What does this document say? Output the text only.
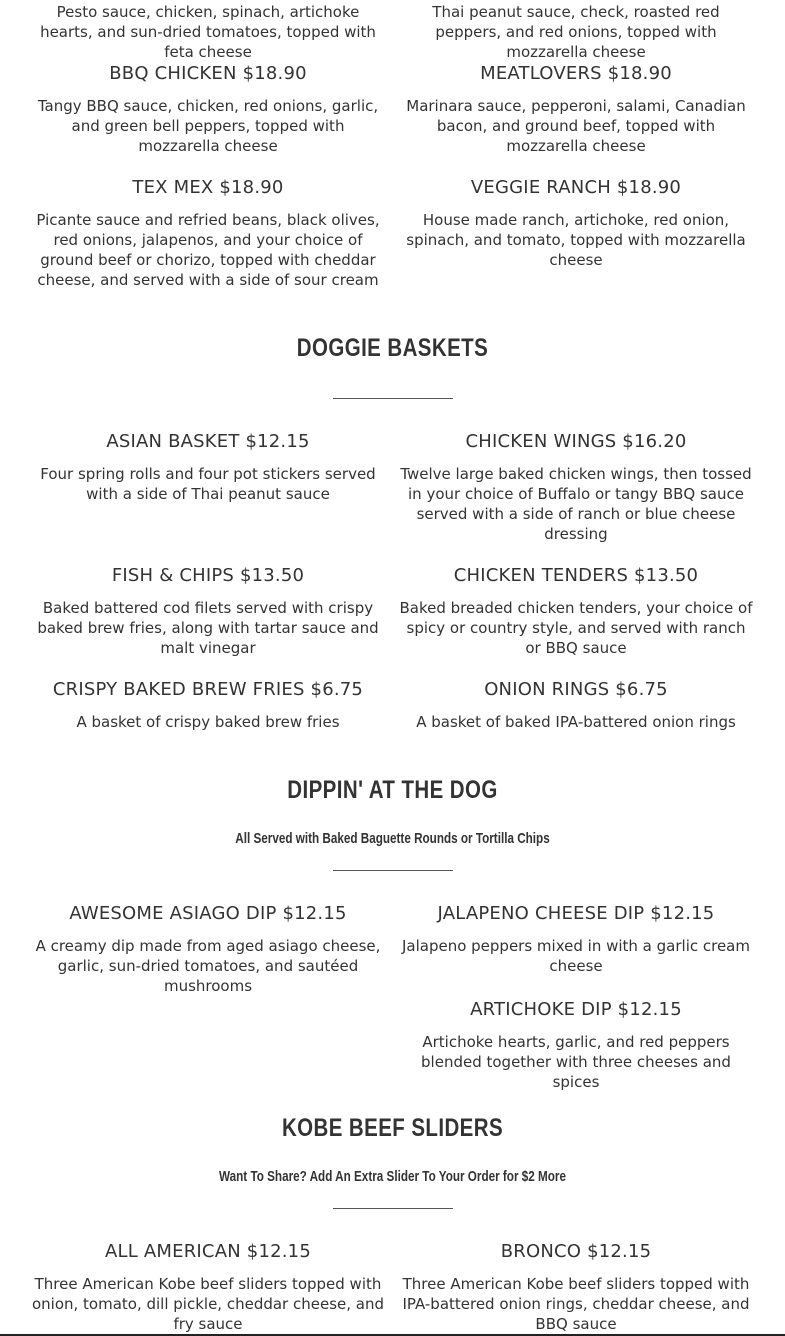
Pesto sauce, chicken, spinach, artichoke hearts, and sun-dried tomatoes, topped with feta cheese

Thai peanut sauce, check, roasted red peppers, and red onions, topped with mozzarella cheese

BBQ CHICKEN $18.90

Tangy BBQ sauce, chicken, red onions, garlic, and green bell peppers, topped with mozzarella cheese

MEATLOVERS $18.90

Marinara sauce, pepperoni, salami, Canadian bacon, and ground beef, topped with mozzarella cheese

TEX MEX $18.90

Picante sauce and refried beans, black olives, red onions, jalapenos, and your choice of ground beef or chorizo, topped with cheddar cheese, and served with a side of sour cream

VEGGIE RANCH $18.90

House made ranch, artichoke, red onion, spinach, and tomato, topped with mozzarella cheese

DOGGIE BASKETS
ASIAN BASKET $12.15

Four spring rolls and four pot stickers served with a side of Thai peanut sauce

CHICKEN WINGS $16.20

Twelve large baked chicken wings, then tossed in your choice of Buffalo or tangy BBQ sauce served with a side of ranch or blue cheese dressing

FISH & CHIPS $13.50

Baked battered cod filets served with crispy baked brew fries, along with tartar sauce and malt vinegar

CHICKEN TENDERS $13.50

Baked breaded chicken tenders, your choice of spicy or country style, and served with ranch or BBQ sauce

CRISPY BAKED BREW FRIES $6.75

A basket of crispy baked brew fries

ONION RINGS $6.75

A basket of baked IPA-battered onion rings

DIPPIN' AT THE DOG
All Served with Baked Baguette Rounds or Tortilla Chips
AWESOME ASIAGO DIP $12.15

A creamy dip made from aged asiago cheese, garlic, sun-dried tomatoes, and sautéed mushrooms

JALAPENO CHEESE DIP $12.15

Jalapeno peppers mixed in with a garlic cream cheese

ARTICHOKE DIP $12.15

Artichoke hearts, garlic, and red peppers blended together with three cheeses and spices

KOBE BEEF SLIDERS
Want To Share? Add An Extra Slider To Your Order for $2 More
ALL AMERICAN $12.15

Three American Kobe beef sliders topped with onion, tomato, dill pickle, cheddar cheese, and fry sauce

BRONCO $12.15

Three American Kobe beef sliders topped with IPA-battered onion rings, cheddar cheese, and BBQ sauce
